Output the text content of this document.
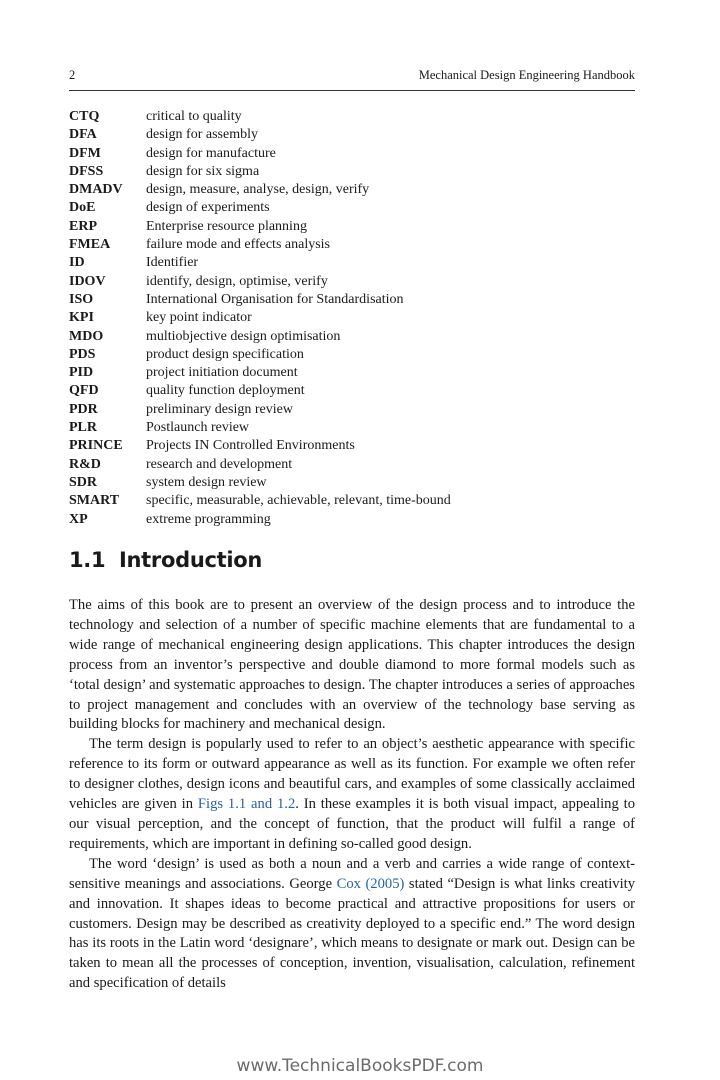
2	Mechanical Design Engineering Handbook
CTQ	critical to quality
DFA	design for assembly
DFM	design for manufacture
DFSS	design for six sigma
DMADV design, measure, analyse, design, verify
DoE	design of experiments
ERP	Enterprise resource planning
FMEA	failure mode and effects analysis
ID	Identifier
IDOV	identify, design, optimise, verify
ISO	International Organisation for Standardisation
KPI	key point indicator
MDO	multiobjective design optimisation
PDS	product design specification
PID	project initiation document
QFD	quality function deployment
PDR	preliminary design review
PLR	Postlaunch review
PRINCE Projects IN Controlled Environments
R&D	research and development
SDR	system design review
SMART specific, measurable, achievable, relevant, time-bound
XP	extreme programming
1.1 Introduction

The aims of this book are to present an overview of the design process and to introduce the technology and selection of a number of specific machine elements that are fundamental to a wide range of mechanical engineering design applications. This chapter introduces the design process from an inventor’s perspective and double diamond to more formal models such as ‘total design’ and systematic approaches to design. The chapter introduces a series of approaches to project management and concludes with an overview of the technology base serving as building blocks for machinery and mechanical design.

The term design is popularly used to refer to an object’s aesthetic appearance with specific reference to its form or outward appearance as well as its function. For example we often refer to designer clothes, design icons and beautiful cars, and examples of some classically acclaimed vehicles are given in Figs 1.1 and 1.2. In these examples it is both visual impact, appealing to our visual perception, and the concept of function, that the product will fulfil a range of requirements, which are important in defining so-called good design.

The word ‘design’ is used as both a noun and a verb and carries a wide range of context-sensitive meanings and associations. George Cox (2005) stated “Design is what links creativity and innovation. It shapes ideas to become practical and attractive propositions for users or customers. Design may be described as creativity deployed to a specific end.” The word design has its roots in the Latin word ‘designare’, which means to designate or mark out. Design can be taken to mean all the processes of conception, invention, visualisation, calculation, refinement and specification of details

www.TechnicalBooksPDF.com
